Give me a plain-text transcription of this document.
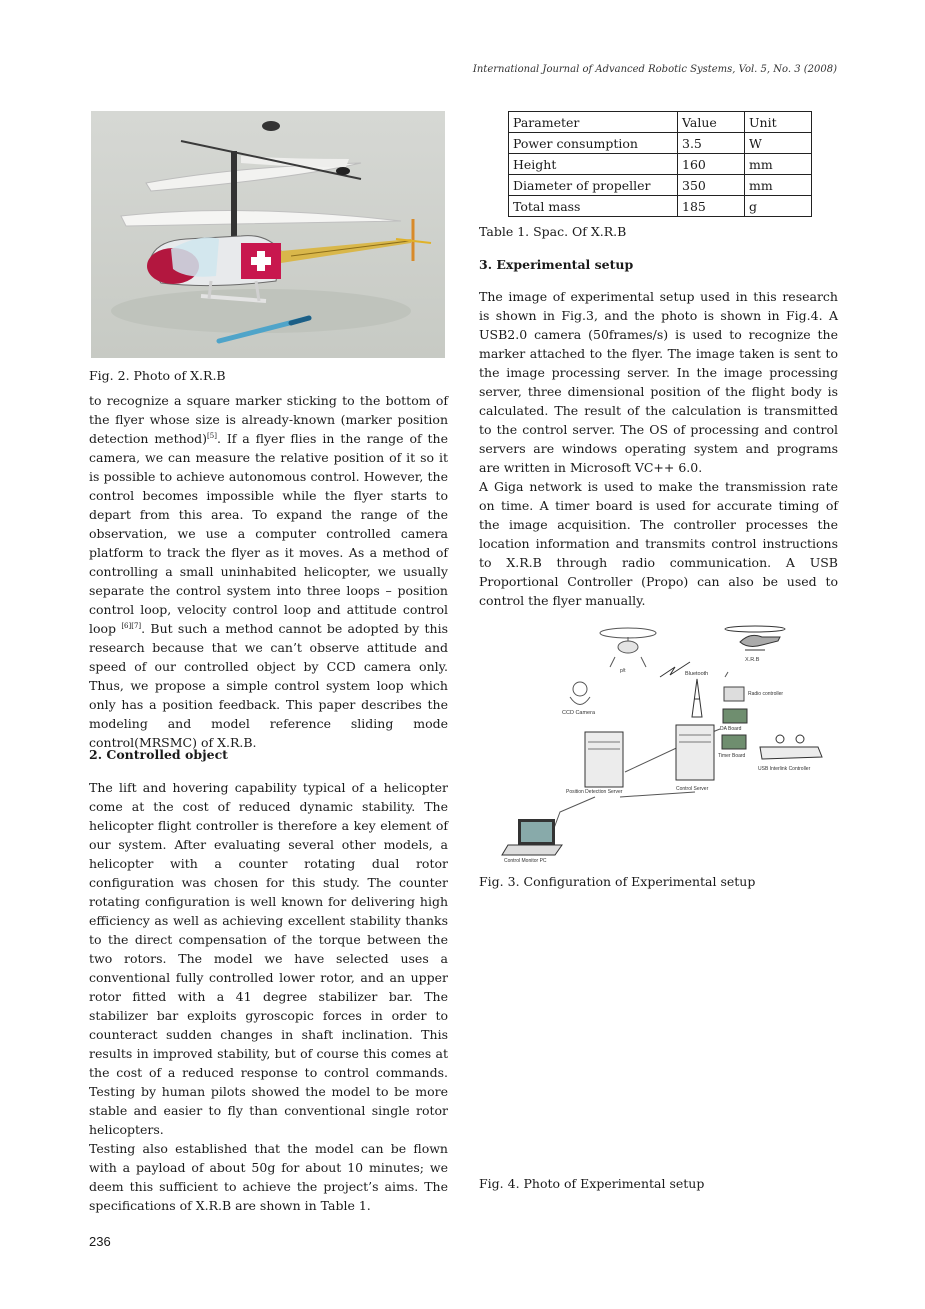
International Journal of Advanced Robotic Systems, Vol. 5, No. 3 (2008)
Fig. 2. Photo of X.R.B

to recognize a square marker sticking to the bottom of the flyer whose size is already-known (marker position detection method)[5]. If a flyer flies in the range of the camera, we can measure the relative position of it so it is possible to achieve autonomous control. However, the control becomes impossible while the flyer starts to depart from this area. To expand the range of the observation, we use a computer controlled camera platform to track the flyer as it moves. As a method of controlling a small uninhabited helicopter, we usually separate the control system into three loops – position control loop, velocity control loop and attitude control loop [6][7]. But such a method cannot be adopted by this research because that we can’t observe attitude and speed of our controlled object by CCD camera only. Thus, we propose a simple control system loop which only has a position feedback. This paper describes the modeling and model reference sliding mode control(MRSMC) of X.R.B.

2. Controlled object

The lift and hovering capability typical of a helicopter come at the cost of reduced dynamic stability. The helicopter flight controller is therefore a key element of our system. After evaluating several other models, a helicopter with a counter rotating dual rotor configuration was chosen for this study. The counter rotating configuration is well known for delivering high efficiency as well as achieving excellent stability thanks to the direct compensation of the torque between the two rotors. The model we have selected uses a conventional fully controlled lower rotor, and an upper rotor fitted with a 41 degree stabilizer bar. The stabilizer bar exploits gyroscopic forces in order to counteract sudden changes in shaft inclination. This results in improved stability, but of course this comes at the cost of a reduced response to control commands. Testing by human pilots showed the model to be more stable and easier to fly than conventional single rotor helicopters.

Testing also established that the model can be flown with a payload of about 50g for about 10 minutes; we deem this sufficient to achieve the project’s aims. The specifications of X.R.B are shown in Table 1.

Parameter	Value	Unit
Power consumption	3.5	W
Height	160	mm
Diameter of propeller	350	mm
Total mass	185	g
Table 1. Spac. Of X.R.B
3. Experimental setup

The image of experimental setup used in this research is shown in Fig.3, and the photo is shown in Fig.4. A USB2.0 camera (50frames/s) is used to recognize the marker attached to the flyer. The image taken is sent to the image processing server. In the image processing server, three dimensional position of the flight body is calculated. The result of the calculation is transmitted to the control server. The OS of processing and control servers are windows operating system and programs are written in Microsoft VC++ 6.0.

A Giga network is used to make the transmission rate on time. A timer board is used for accurate timing of the image acquisition. The controller processes the location information and transmits control instructions to X.R.B through radio communication. A USB Proportional Controller (Propo) can also be used to control the flyer manually.

p/t	Bluetooth
X.R.B
CCD Camera
Radio controller
DA Board
Timer Board
USB Interlink Controller
Position Detection Server	Control Server
Control Monitor PC
Fig. 3. Configuration of Experimental setup
Fig. 4. Photo of Experimental setup
236
